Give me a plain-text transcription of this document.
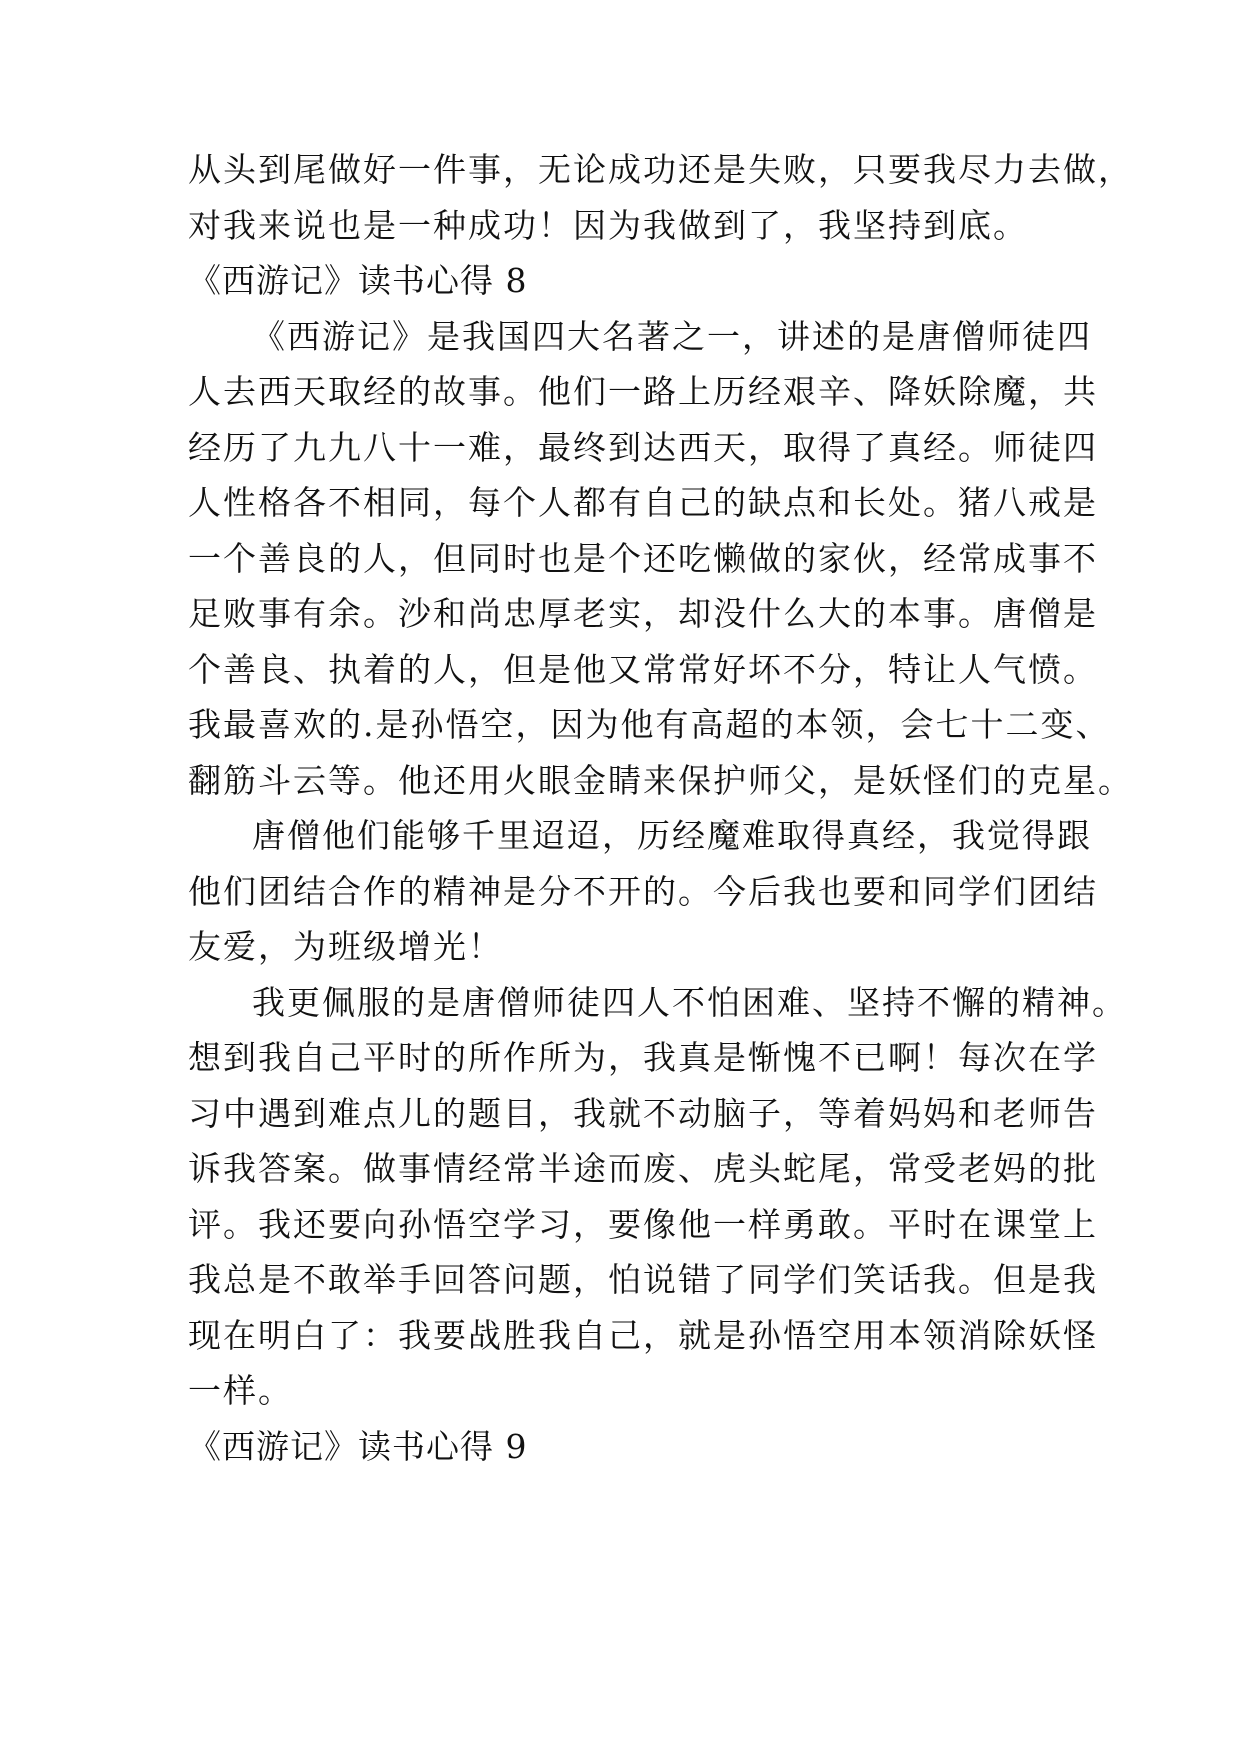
从头到尾做好一件事，无论成功还是失败，只要我尽力去做，
对我来说也是一种成功！因为我做到了，我坚持到底。
《西游记》读书心得 8
《西游记》是我国四大名著之一，讲述的是唐僧师徒四
人去西天取经的故事。他们一路上历经艰辛、降妖除魔，共
经历了九九八十一难，最终到达西天，取得了真经。师徒四
人性格各不相同，每个人都有自己的缺点和长处。猪八戒是
一个善良的人，但同时也是个还吃懒做的家伙，经常成事不
足败事有余。沙和尚忠厚老实，却没什么大的本事。唐僧是
个善良、执着的人，但是他又常常好坏不分，特让人气愤。
我最喜欢的.是孙悟空，因为他有高超的本领，会七十二变、
翻筋斗云等。他还用火眼金睛来保护师父，是妖怪们的克星。
唐僧他们能够千里迢迢，历经魔难取得真经，我觉得跟
他们团结合作的精神是分不开的。今后我也要和同学们团结
友爱，为班级增光！
我更佩服的是唐僧师徒四人不怕困难、坚持不懈的精神。
想到我自己平时的所作所为，我真是惭愧不已啊！每次在学
习中遇到难点儿的题目，我就不动脑子，等着妈妈和老师告
诉我答案。做事情经常半途而废、虎头蛇尾，常受老妈的批
评。我还要向孙悟空学习，要像他一样勇敢。平时在课堂上
我总是不敢举手回答问题，怕说错了同学们笑话我。但是我
现在明白了：我要战胜我自己，就是孙悟空用本领消除妖怪
一样。
《西游记》读书心得 9
